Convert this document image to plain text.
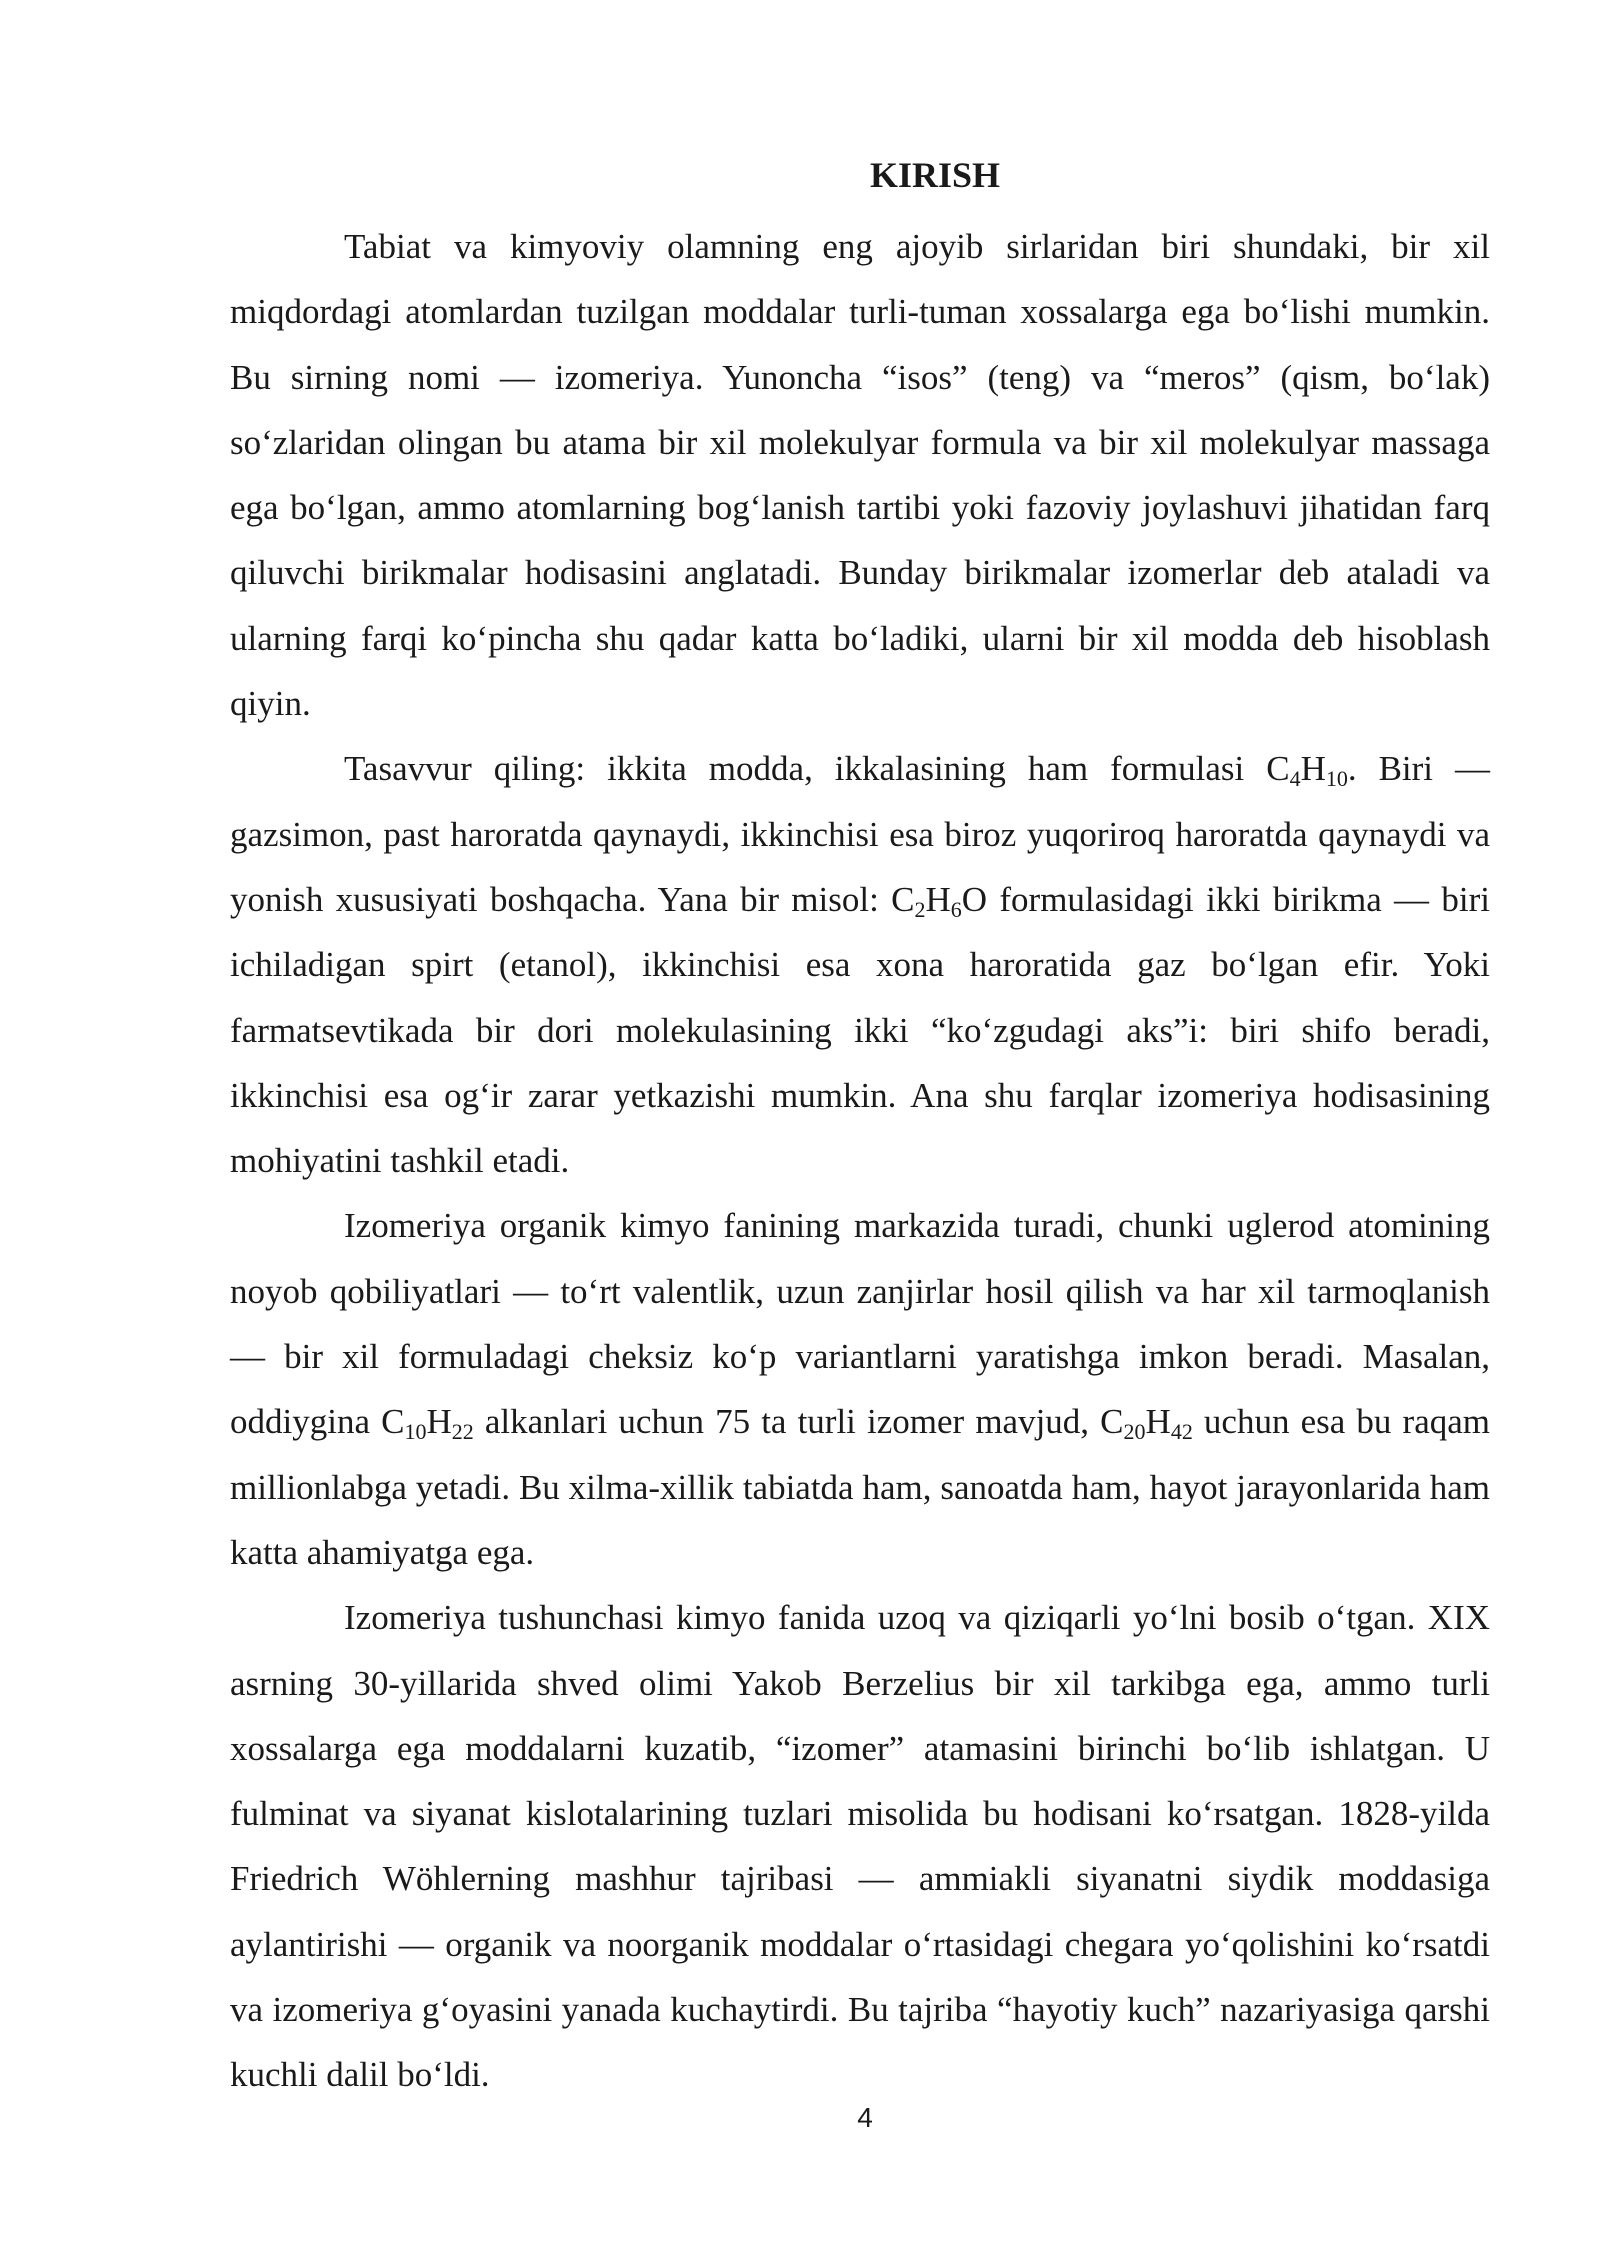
KIRISH

Tabiat va kimyoviy olamning eng ajoyib sirlaridan biri shundaki, bir xil miqdordagi atomlardan tuzilgan moddalar turli-tuman xossalarga ega bo‘lishi mumkin. Bu sirning nomi — izomeriya. Yunoncha “isos” (teng) va “meros” (qism, bo‘lak) so‘zlaridan olingan bu atama bir xil molekulyar formula va bir xil molekulyar massaga ega bo‘lgan, ammo atomlarning bog‘lanish tartibi yoki fazoviy joylashuvi jihatidan farq qiluvchi birikmalar hodisasini anglatadi. Bunday birikmalar izomerlar deb ataladi va ularning farqi ko‘pincha shu qadar katta bo‘ladiki, ularni bir xil modda deb hisoblash qiyin.

Tasavvur qiling: ikkita modda, ikkalasining ham formulasi $C_4H_{10}$. Biri — gazsimon, past haroratda qaynaydi, ikkinchisi esa biroz yuqoriroq haroratda qaynaydi va yonish xususiyati boshqacha. Yana bir misol: $C_2H_6O$ formulasidagi ikki birikma — biri ichiladigan spirt (etanol), ikkinchisi esa xona haroratida gaz bo‘lgan efir. Yoki farmatsevtikada bir dori molekulasining ikki “ko‘zgudagi aks”i: biri shifo beradi, ikkinchisi esa og‘ir zarar yetkazishi mumkin. Ana shu farqlar izomeriya hodisasining mohiyatini tashkil etadi.

Izomeriya organik kimyo fanining markazida turadi, chunki uglerod atomining noyob qobiliyatlari — to‘rt valentlik, uzun zanjirlar hosil qilish va har xil tarmoqlanish — bir xil formuladagi cheksiz ko‘p variantlarni yaratishga imkon beradi. Masalan, oddiygina $C_{10}H_{22}$ alkanlari uchun 75 ta turli izomer mavjud, $C_{20}H_{42}$ uchun esa bu raqam millionlabga yetadi. Bu xilma-xillik tabiatda ham, sanoatda ham, hayot jarayonlarida ham katta ahamiyatga ega.

Izomeriya tushunchasi kimyo fanida uzoq va qiziqarli yo‘lni bosib o‘tgan. XIX asrning 30-yillarida shved olimi Yakob Berzelius bir xil tarkibga ega, ammo turli xossalarga ega moddalarni kuzatib, “izomer” atamasini birinchi bo‘lib ishlatgan. U fulminat va siyanat kislotalarining tuzlari misolida bu hodisani ko‘rsatgan. 1828-yilda Friedrich Wöhlerning mashhur tajribasi — ammiakli siyanatni siydik moddasiga aylantirishi — organik va noorganik moddalar o‘rtasidagi chegara yo‘qolishini ko‘rsatdi va izomeriya g‘oyasini yanada kuchaytirdi. Bu tajriba “hayotiy kuch” nazariyasiga qarshi kuchli dalil bo‘ldi.

4
